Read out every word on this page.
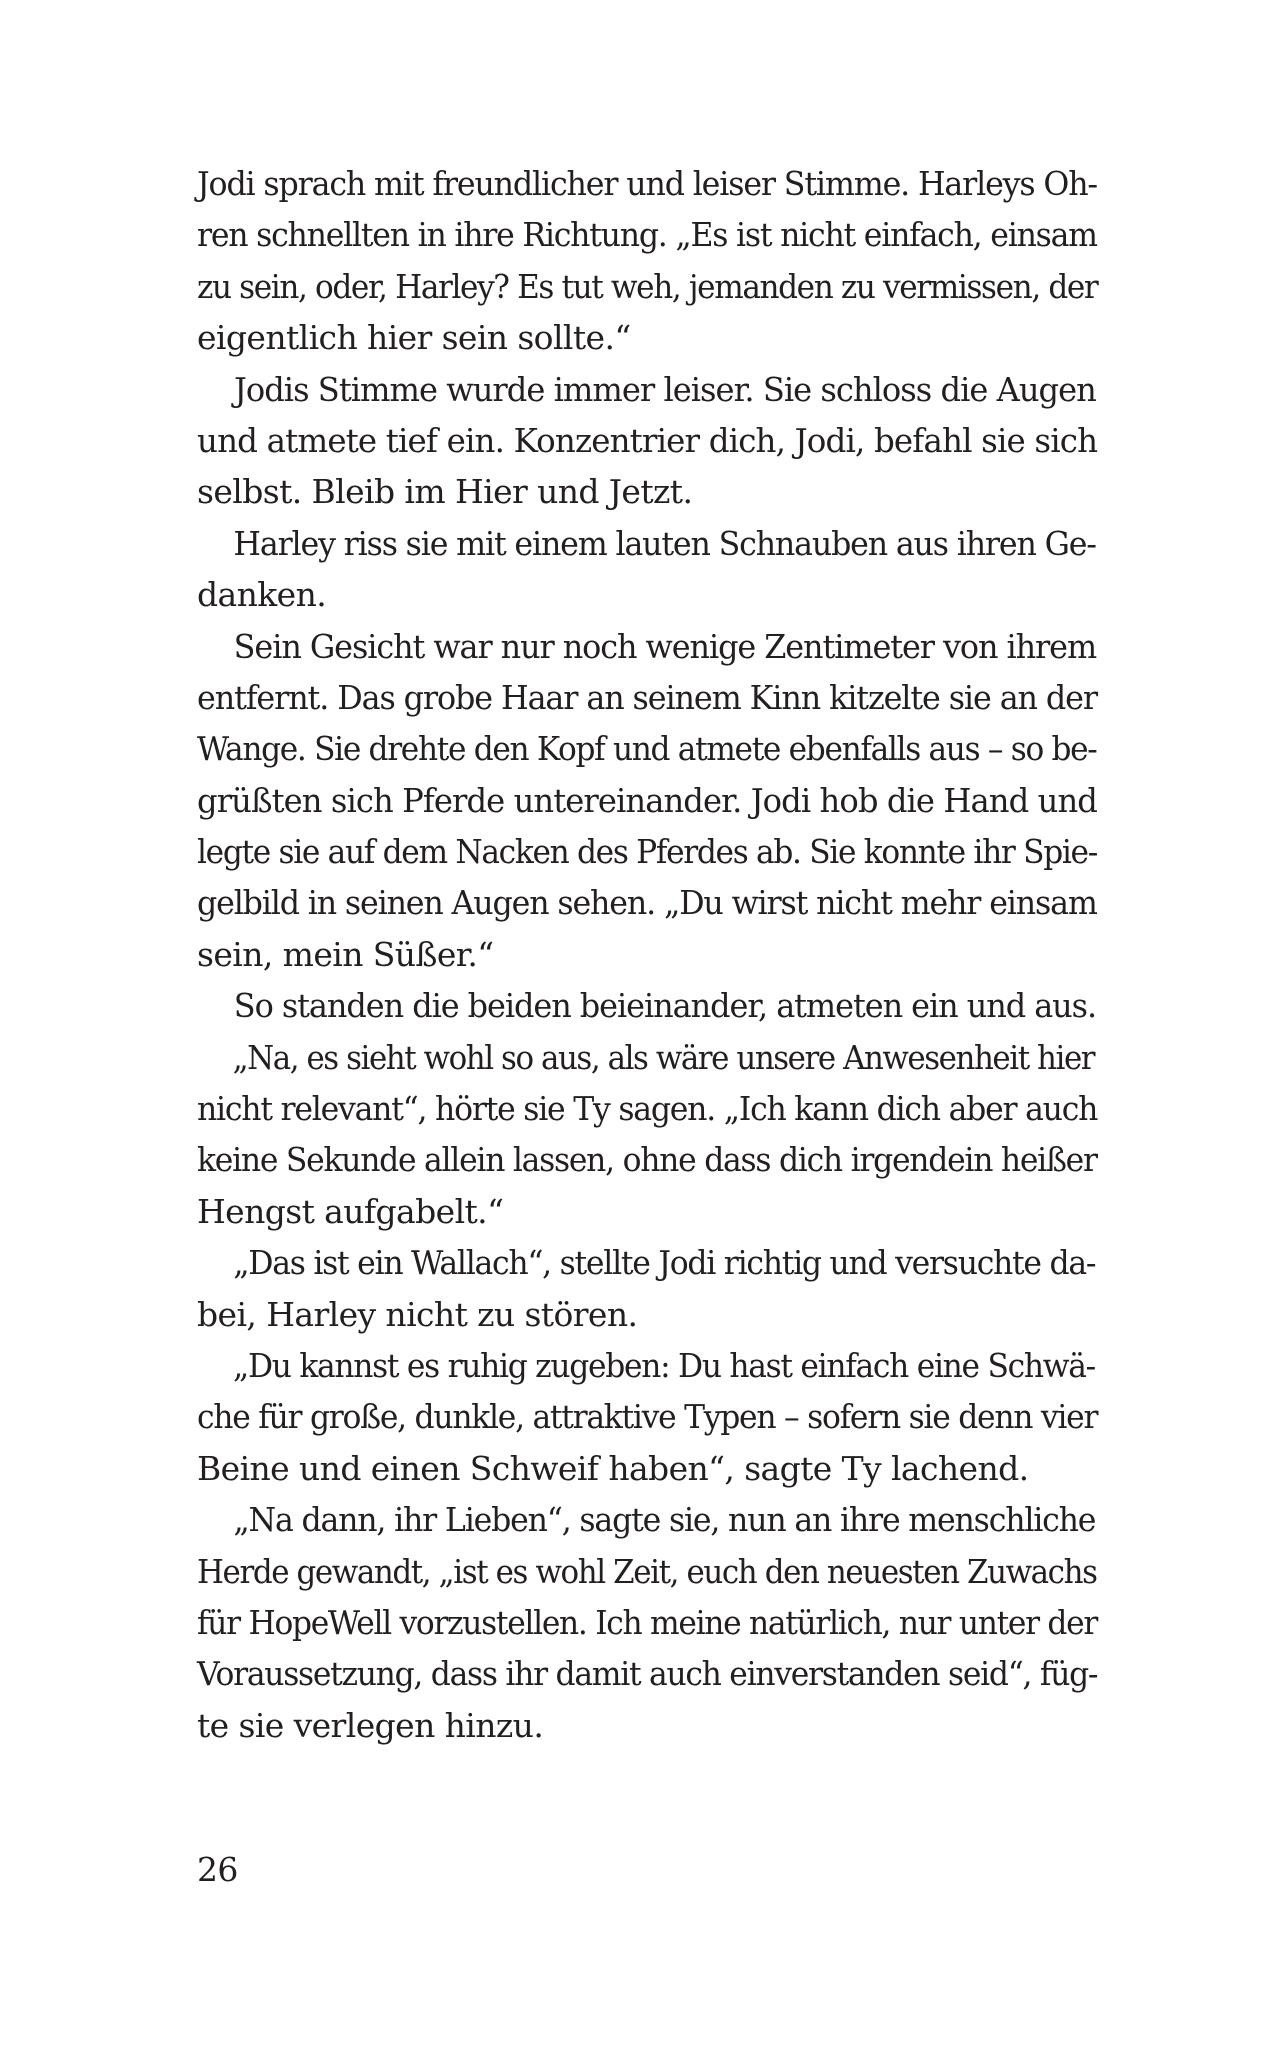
Jodi sprach mit freundlicher und leiser Stimme. Harleys Oh-
ren schnellten in ihre Richtung. „Es ist nicht einfach, einsam
zu sein, oder, Harley? Es tut weh, jemanden zu vermissen, der
eigentlich hier sein sollte.“
Jodis Stimme wurde immer leiser. Sie schloss die Augen
und atmete tief ein. Konzentrier dich, Jodi, befahl sie sich
selbst. Bleib im Hier und Jetzt.
Harley riss sie mit einem lauten Schnauben aus ihren Ge-
danken.
Sein Gesicht war nur noch wenige Zentimeter von ihrem
entfernt. Das grobe Haar an seinem Kinn kitzelte sie an der
Wange. Sie drehte den Kopf und atmete ebenfalls aus – so be-
grüßten sich Pferde untereinander. Jodi hob die Hand und
legte sie auf dem Nacken des Pferdes ab. Sie konnte ihr Spie-
gelbild in seinen Augen sehen. „Du wirst nicht mehr einsam
sein, mein Süßer.“
So standen die beiden beieinander, atmeten ein und aus.
„Na, es sieht wohl so aus, als wäre unsere Anwesenheit hier
nicht relevant“, hörte sie Ty sagen. „Ich kann dich aber auch
keine Sekunde allein lassen, ohne dass dich irgendein heißer
Hengst aufgabelt.“
„Das ist ein Wallach“, stellte Jodi richtig und versuchte da-
bei, Harley nicht zu stören.
„Du kannst es ruhig zugeben: Du hast einfach eine Schwä-
che für große, dunkle, attraktive Typen – sofern sie denn vier
Beine und einen Schweif haben“, sagte Ty lachend.
„Na dann, ihr Lieben“, sagte sie, nun an ihre menschliche
Herde gewandt, „ist es wohl Zeit, euch den neuesten Zuwachs
für HopeWell vorzustellen. Ich meine natürlich, nur unter der
Voraussetzung, dass ihr damit auch einverstanden seid“, füg-
te sie verlegen hinzu.
26
